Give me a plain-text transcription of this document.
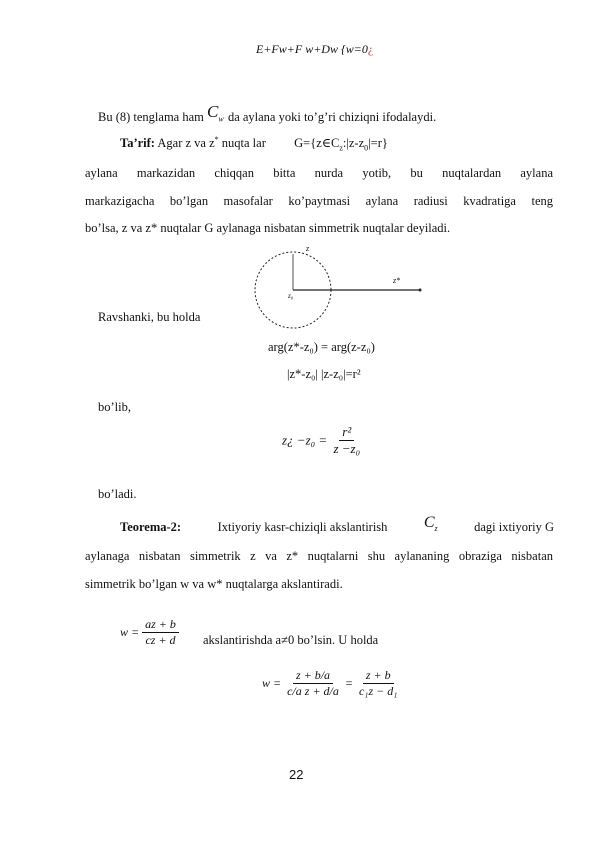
E+Fw+F w+Dw {w=0¿
Bu (8) tenglama ham $C_w$ da aylana yoki to’g’ri chiziqni ifodalaydi.
Ta’rif: Agar z va z* nuqta lar $G=\{z\in C_z:|z-z_0|=r\}$
aylana markazidan chiqqan bitta nurda yotib, bu nuqtalardan aylana
markazigacha bo’lgan masofalar ko’paytmasi aylana radiusi kvadratiga teng
bo’lsa, z va z* nuqtalar G aylanaga nisbatan simmetrik nuqtalar deyiladi.
z
z*
z₀
Ravshanki, bu holda
arg(z*-z₀) = arg(z-z₀)
|z*-z₀| |z-z₀|=r²
bo’lib,
z¿ $-z_0 = \frac{\text{r²}}{\text{z −z₀}}$
bo’ladi.
Teorema-2:	Ixtiyoriy kasr-chiziqli akslantirish $C_z$	dagi ixtiyoriy G
aylanaga nisbatan simmetrik z va z* nuqtalarni shu aylananing obraziga nisbatan
simmetrik bo’lgan w va w* nuqtalarga akslantiradi.
$w = \frac{az + b}{cz + d}$ akslantirishda a≠0 bo’lsin. U holda
$w = \frac{z + b/a}{\text{c/a z + d/a}} = \frac{z + b}{\text{c₁z − d₁}}$
22
